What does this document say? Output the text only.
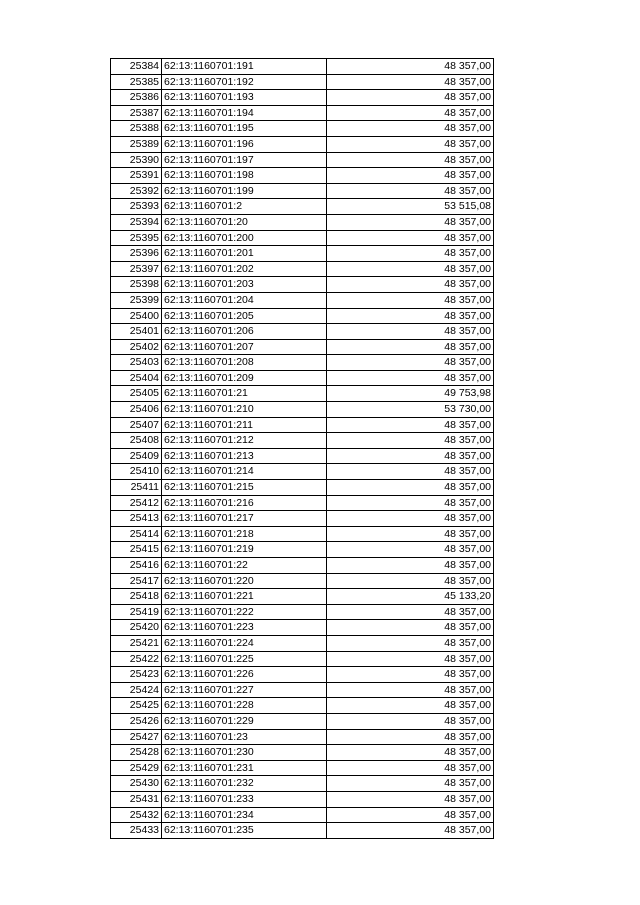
25384	62:13:1160701:191	48 357,00
25385	62:13:1160701:192	48 357,00
25386	62:13:1160701:193	48 357,00
25387	62:13:1160701:194	48 357,00
25388	62:13:1160701:195	48 357,00
25389	62:13:1160701:196	48 357,00
25390	62:13:1160701:197	48 357,00
25391	62:13:1160701:198	48 357,00
25392	62:13:1160701:199	48 357,00
25393	62:13:1160701:2	53 515,08
25394	62:13:1160701:20	48 357,00
25395	62:13:1160701:200	48 357,00
25396	62:13:1160701:201	48 357,00
25397	62:13:1160701:202	48 357,00
25398	62:13:1160701:203	48 357,00
25399	62:13:1160701:204	48 357,00
25400	62:13:1160701:205	48 357,00
25401	62:13:1160701:206	48 357,00
25402	62:13:1160701:207	48 357,00
25403	62:13:1160701:208	48 357,00
25404	62:13:1160701:209	48 357,00
25405	62:13:1160701:21	49 753,98
25406	62:13:1160701:210	53 730,00
25407	62:13:1160701:211	48 357,00
25408	62:13:1160701:212	48 357,00
25409	62:13:1160701:213	48 357,00
25410	62:13:1160701:214	48 357,00
25411	62:13:1160701:215	48 357,00
25412	62:13:1160701:216	48 357,00
25413	62:13:1160701:217	48 357,00
25414	62:13:1160701:218	48 357,00
25415	62:13:1160701:219	48 357,00
25416	62:13:1160701:22	48 357,00
25417	62:13:1160701:220	48 357,00
25418	62:13:1160701:221	45 133,20
25419	62:13:1160701:222	48 357,00
25420	62:13:1160701:223	48 357,00
25421	62:13:1160701:224	48 357,00
25422	62:13:1160701:225	48 357,00
25423	62:13:1160701:226	48 357,00
25424	62:13:1160701:227	48 357,00
25425	62:13:1160701:228	48 357,00
25426	62:13:1160701:229	48 357,00
25427	62:13:1160701:23	48 357,00
25428	62:13:1160701:230	48 357,00
25429	62:13:1160701:231	48 357,00
25430	62:13:1160701:232	48 357,00
25431	62:13:1160701:233	48 357,00
25432	62:13:1160701:234	48 357,00
25433	62:13:1160701:235	48 357,00
